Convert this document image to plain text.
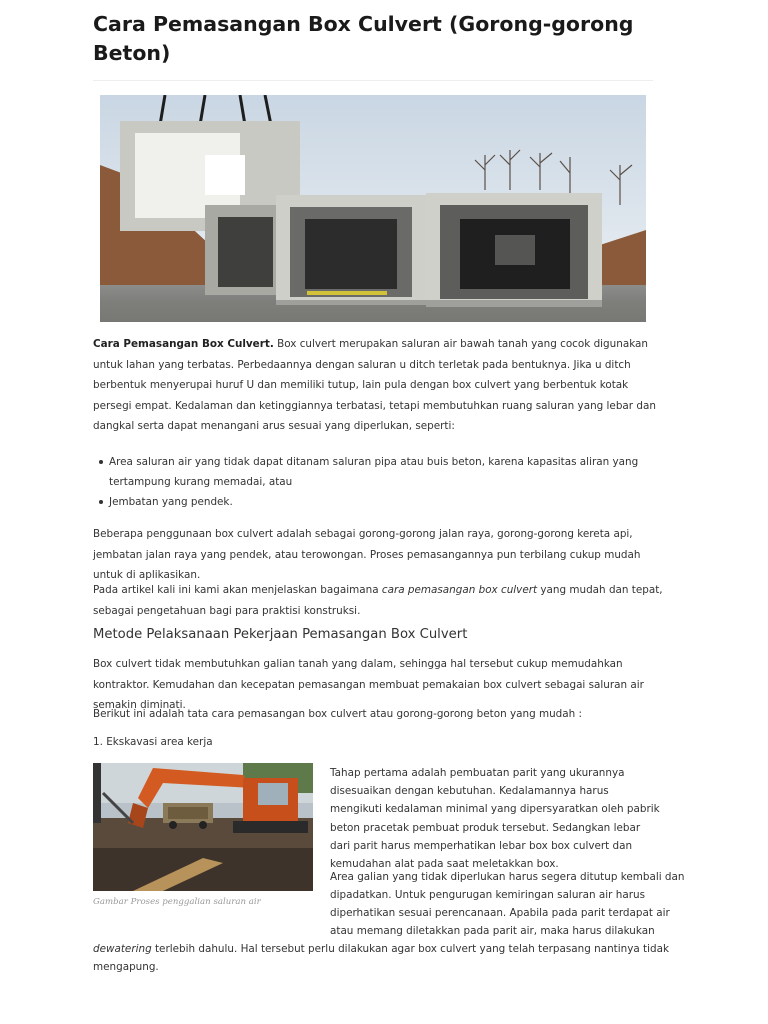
Cara Pemasangan Box Culvert (Gorong-gorong Beton)

Cara Pemasangan Box Culvert. Box culvert merupakan saluran air bawah tanah yang cocok digunakan untuk lahan yang terbatas. Perbedaannya dengan saluran u ditch terletak pada bentuknya. Jika u ditch berbentuk menyerupai huruf U dan memiliki tutup, lain pula dengan box culvert yang berbentuk kotak persegi empat. Kedalaman dan ketinggiannya terbatasi, tetapi membutuhkan ruang saluran yang lebar dan dangkal serta dapat menangani arus sesuai yang diperlukan, seperti:

Area saluran air yang tidak dapat ditanam saluran pipa atau buis beton, karena kapasitas aliran yang tertampung kurang memadai, atau
Jembatan yang pendek.

Beberapa penggunaan box culvert adalah sebagai gorong-gorong jalan raya, gorong-gorong kereta api, jembatan jalan raya yang pendek, atau terowongan. Proses pemasangannya pun terbilang cukup mudah untuk di aplikasikan.

Pada artikel kali ini kami akan menjelaskan bagaimana cara pemasangan box culvert yang mudah dan tepat, sebagai pengetahuan bagi para praktisi konstruksi.

Metode Pelaksanaan Pekerjaan Pemasangan Box Culvert

Box culvert tidak membutuhkan galian tanah yang dalam, sehingga hal tersebut cukup memudahkan kontraktor. Kemudahan dan kecepatan pemasangan membuat pemakaian box culvert sebagai saluran air semakin diminati.

Berikut ini adalah tata cara pemasangan box culvert atau gorong-gorong beton yang mudah :

1. Ekskavasi area kerja

Gambar Proses penggalian saluran air

Tahap pertama adalah pembuatan parit yang ukurannya disesuaikan dengan kebutuhan. Kedalamannya harus mengikuti kedalaman minimal yang dipersyaratkan oleh pabrik beton pracetak pembuat produk tersebut. Sedangkan lebar dari parit harus memperhatikan lebar box box culvert dan kemudahan alat pada saat meletakkan box.

Area galian yang tidak diperlukan harus segera ditutup kembali dan

dipadatkan. Untuk pengurugan kemiringan saluran air harus

diperhatikan sesuai perencanaan. Apabila pada parit terdapat air

atau memang diletakkan pada parit air, maka harus dilakukan

dewatering terlebih dahulu. Hal tersebut perlu dilakukan agar box culvert yang telah terpasang nantinya tidak

mengapung.
